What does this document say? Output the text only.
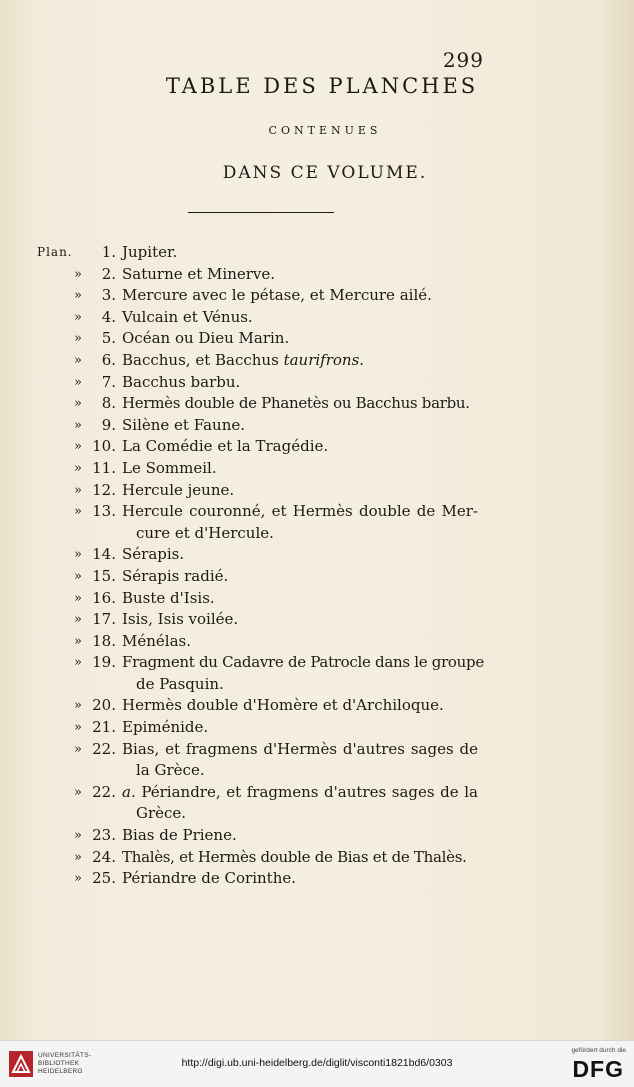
299
TABLE DES PLANCHES
CONTENUES
DANS CE VOLUME.
Plan.	1. Jupiter.
»	2. Saturne et Minerve.
»	3. Mercure avec le pétase, et Mercure ailé.
»	4. Vulcain et Vénus.
»	5. Océan ou Dieu Marin.
»	6. Bacchus, et Bacchus taurifrons.
»	7. Bacchus barbu.
»	8. Hermès double de Phanetès ou Bacchus barbu.
»	9. Silène et Faune.
» 10. La Comédie et la Tragédie.
» 11. Le Sommeil.
» 12. Hercule jeune.
» 13. Hercule couronné, et Hermès double de Mer-
cure et d'Hercule.
» 14. Sérapis.
» 15. Sérapis radié.
» 16. Buste d'Isis.
» 17. Isis, Isis voilée.
» 18. Ménélas.
» 19. Fragment du Cadavre de Patrocle dans le groupe
de Pasquin.
» 20. Hermès double d'Homère et d'Archiloque.
» 21. Epiménide.
» 22. Bias, et fragmens d'Hermès d'autres sages de
la Grèce.
» 22. a. Périandre, et fragmens d'autres sages de la
Grèce.
» 23. Bias de Priene.
» 24. Thalès, et Hermès double de Bias et de Thalès.
» 25. Périandre de Corinthe.
UNIVERSITÄTS-
BIBLIOTHEK
HEIDELBERG
http://digi.ub.uni-heidelberg.de/diglit/visconti1821bd6/0303
gefördert durch die
DFG
